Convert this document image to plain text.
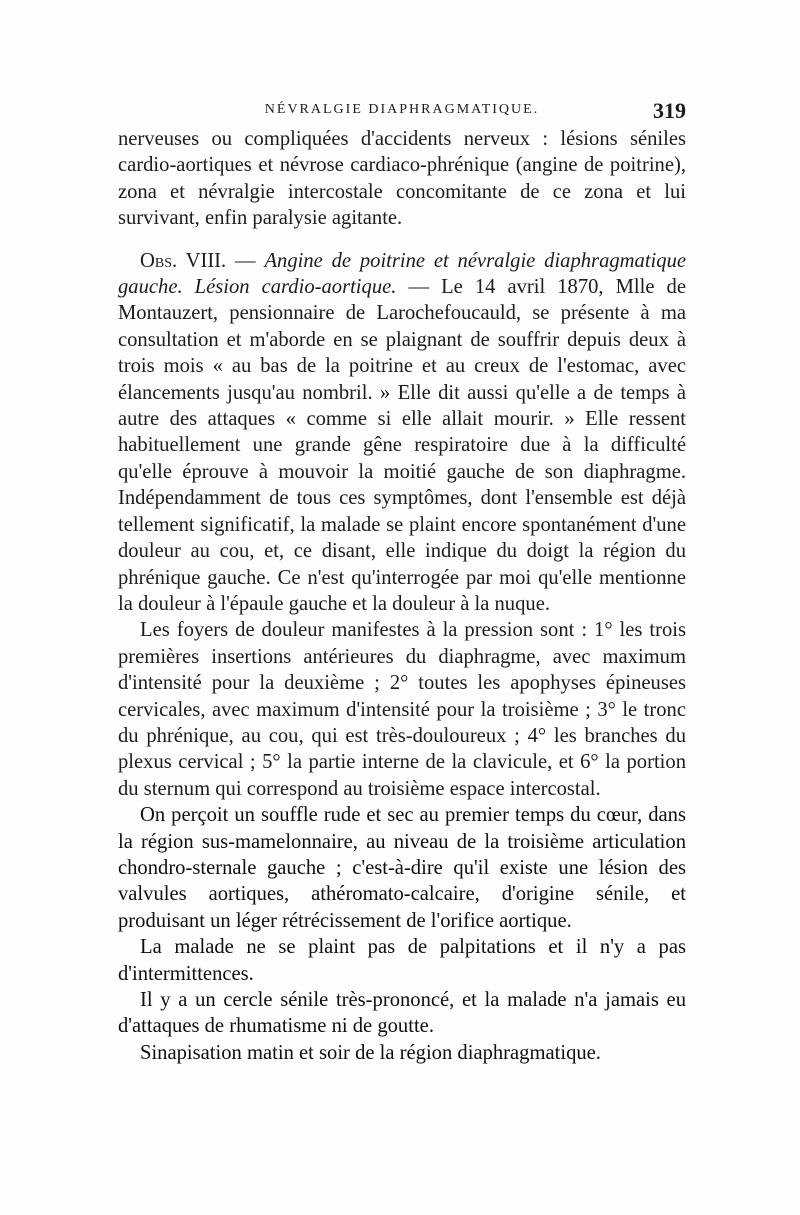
NÉVRALGIE DIAPHRAGMATIQUE.	319

nerveuses ou compliquées d'accidents nerveux : lésions séniles cardio-aortiques et névrose cardiaco-phrénique (angine de poitrine), zona et névralgie intercostale concomitante de ce zona et lui survivant, enfin paralysie agitante.

Obs. VIII. — Angine de poitrine et névralgie diaphragmatique gauche. Lésion cardio-aortique. — Le 14 avril 1870, Mlle de Montauzert, pensionnaire de Larochefoucauld, se présente à ma consultation et m'aborde en se plaignant de souffrir depuis deux à trois mois « au bas de la poitrine et au creux de l'estomac, avec élancements jusqu'au nombril. » Elle dit aussi qu'elle a de temps à autre des attaques « comme si elle allait mourir. » Elle ressent habituellement une grande gêne respiratoire due à la difficulté qu'elle éprouve à mouvoir la moitié gauche de son diaphragme. Indépendamment de tous ces symptômes, dont l'ensemble est déjà tellement significatif, la malade se plaint encore spontanément d'une douleur au cou, et, ce disant, elle indique du doigt la région du phrénique gauche. Ce n'est qu'interrogée par moi qu'elle mentionne la douleur à l'épaule gauche et la douleur à la nuque.

Les foyers de douleur manifestes à la pression sont : 1° les trois premières insertions antérieures du diaphragme, avec maximum d'intensité pour la deuxième ; 2° toutes les apophyses épineuses cervicales, avec maximum d'intensité pour la troisième ; 3° le tronc du phrénique, au cou, qui est très-douloureux ; 4° les branches du plexus cervical ; 5° la partie interne de la clavicule, et 6° la portion du sternum qui correspond au troisième espace intercostal.

On perçoit un souffle rude et sec au premier temps du cœur, dans la région sus-mamelonnaire, au niveau de la troisième articulation chondro-sternale gauche ; c'est-à-dire qu'il existe une lésion des valvules aortiques, athéromato-calcaire, d'origine sénile, et produisant un léger rétrécissement de l'orifice aortique.

La malade ne se plaint pas de palpitations et il n'y a pas d'intermittences.

Il y a un cercle sénile très-prononcé, et la malade n'a jamais eu d'attaques de rhumatisme ni de goutte.

Sinapisation matin et soir de la région diaphragmatique.
